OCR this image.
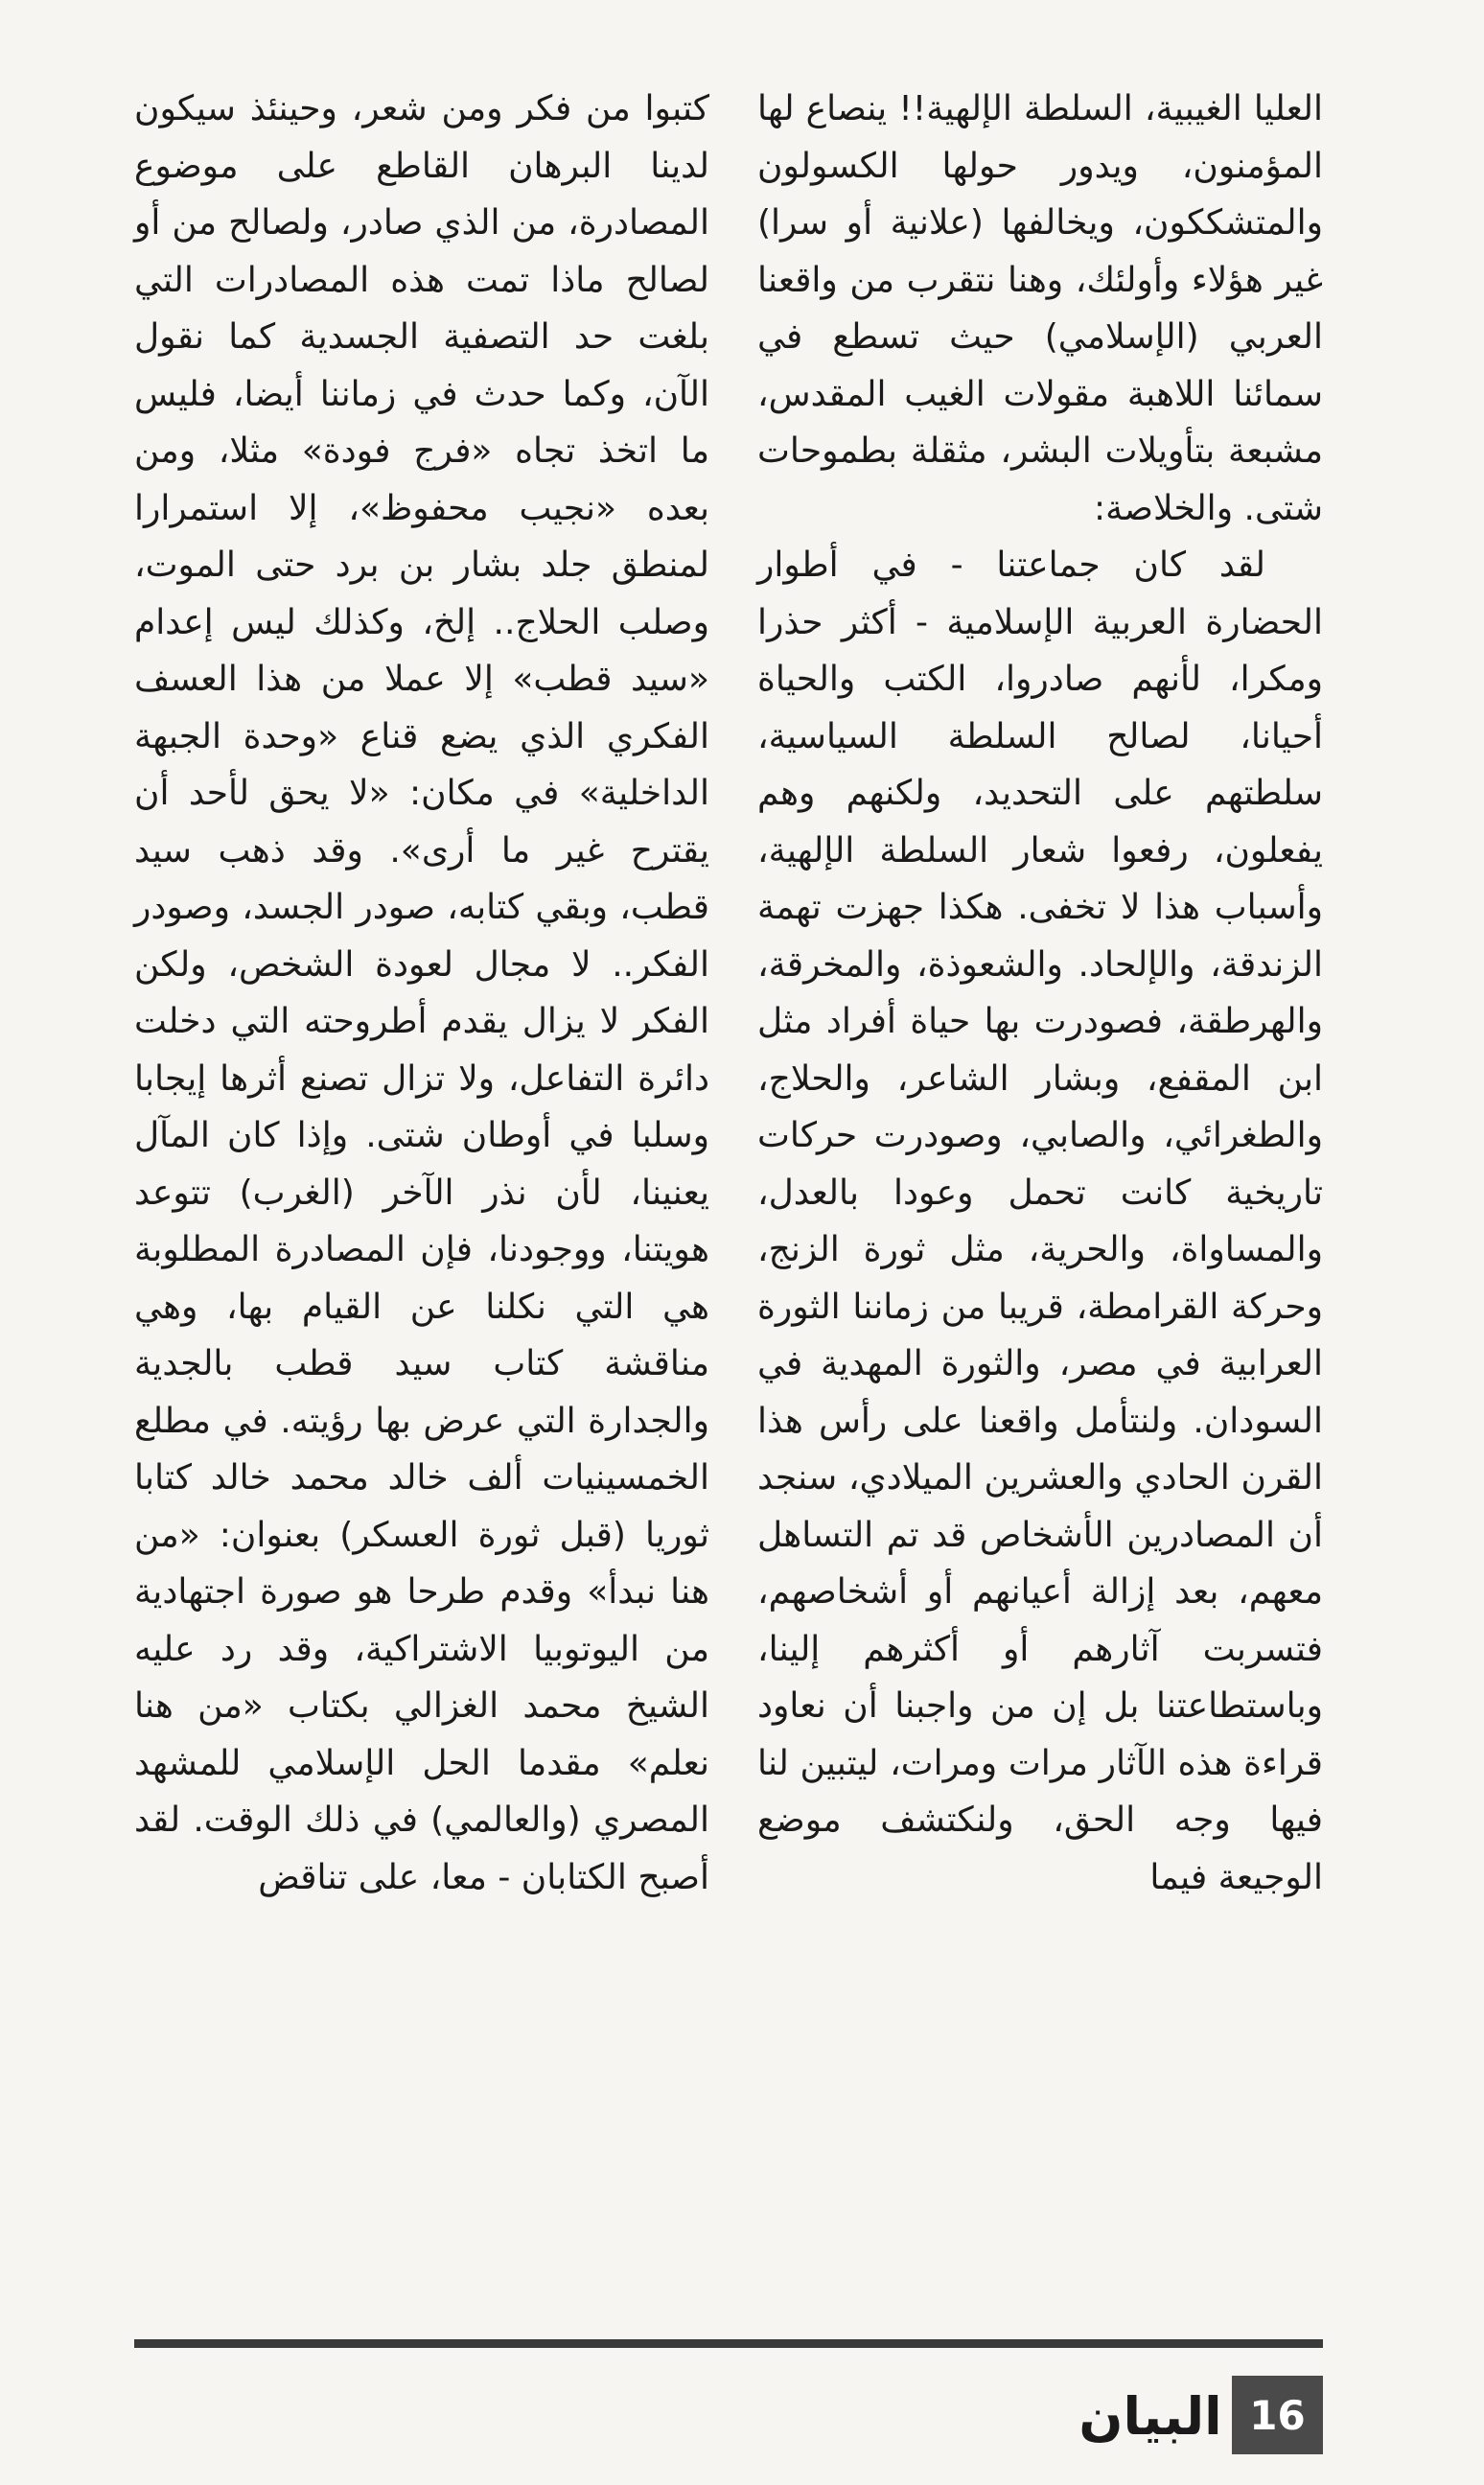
العليا الغيبية، السلطة الإلهية!! ينصاع لها المؤمنون، ويدور حولها الكسولون والمتشككون، ويخالفها (علانية أو سرا) غير هؤلاء وأولئك، وهنا نتقرب من واقعنا العربي (الإسلامي) حيث تسطع في سمائنا اللاهبة مقولات الغيب المقدس، مشبعة بتأويلات البشر، مثقلة بطموحات شتى. والخلاصة:

لقد كان جماعتنا - في أطوار الحضارة العربية الإسلامية - أكثر حذرا ومكرا، لأنهم صادروا، الكتب والحياة أحيانا، لصالح السلطة السياسية، سلطتهم على التحديد، ولكنهم وهم يفعلون، رفعوا شعار السلطة الإلهية، وأسباب هذا لا تخفى. هكذا جهزت تهمة الزندقة، والإلحاد. والشعوذة، والمخرقة، والهرطقة، فصودرت بها حياة أفراد مثل ابن المقفع، وبشار الشاعر، والحلاج، والطغرائي، والصابي، وصودرت حركات تاريخية كانت تحمل وعودا بالعدل، والمساواة، والحرية، مثل ثورة الزنج، وحركة القرامطة، قريبا من زماننا الثورة العرابية في مصر، والثورة المهدية في السودان. ولنتأمل واقعنا على رأس هذا القرن الحادي والعشرين الميلادي، سنجد أن المصادرين الأشخاص قد تم التساهل معهم، بعد إزالة أعيانهم أو أشخاصهم، فتسربت آثارهم أو أكثرهم إلينا، وباستطاعتنا بل إن من واجبنا أن نعاود قراءة هذه الآثار مرات ومرات، ليتبين لنا فيها وجه الحق، ولنكتشف موضع الوجيعة فيما

كتبوا من فكر ومن شعر، وحينئذ سيكون لدينا البرهان القاطع على موضوع المصادرة، من الذي صادر، ولصالح من أو لصالح ماذا تمت هذه المصادرات التي بلغت حد التصفية الجسدية كما نقول الآن، وكما حدث في زماننا أيضا، فليس ما اتخذ تجاه «فرج فودة» مثلا، ومن بعده «نجيب محفوظ»، إلا استمرارا لمنطق جلد بشار بن برد حتى الموت، وصلب الحلاج.. إلخ، وكذلك ليس إعدام «سيد قطب» إلا عملا من هذا العسف الفكري الذي يضع قناع «وحدة الجبهة الداخلية» في مكان: «لا يحق لأحد أن يقترح غير ما أرى». وقد ذهب سيد قطب، وبقي كتابه، صودر الجسد، وصودر الفكر.. لا مجال لعودة الشخص، ولكن الفكر لا يزال يقدم أطروحته التي دخلت دائرة التفاعل، ولا تزال تصنع أثرها إيجابا وسلبا في أوطان شتى. وإذا كان المآل يعنينا، لأن نذر الآخر (الغرب) تتوعد هويتنا، ووجودنا، فإن المصادرة المطلوبة هي التي نكلنا عن القيام بها، وهي مناقشة كتاب سيد قطب بالجدية والجدارة التي عرض بها رؤيته. في مطلع الخمسينيات ألف خالد محمد خالد كتابا ثوريا (قبل ثورة العسكر) بعنوان: «من هنا نبدأ» وقدم طرحا هو صورة اجتهادية من اليوتوبيا الاشتراكية، وقد رد عليه الشيخ محمد الغزالي بكتاب «من هنا نعلم» مقدما الحل الإسلامي للمشهد المصري (والعالمي) في ذلك الوقت. لقد أصبح الكتابان - معا، على تناقض

16
البيان
